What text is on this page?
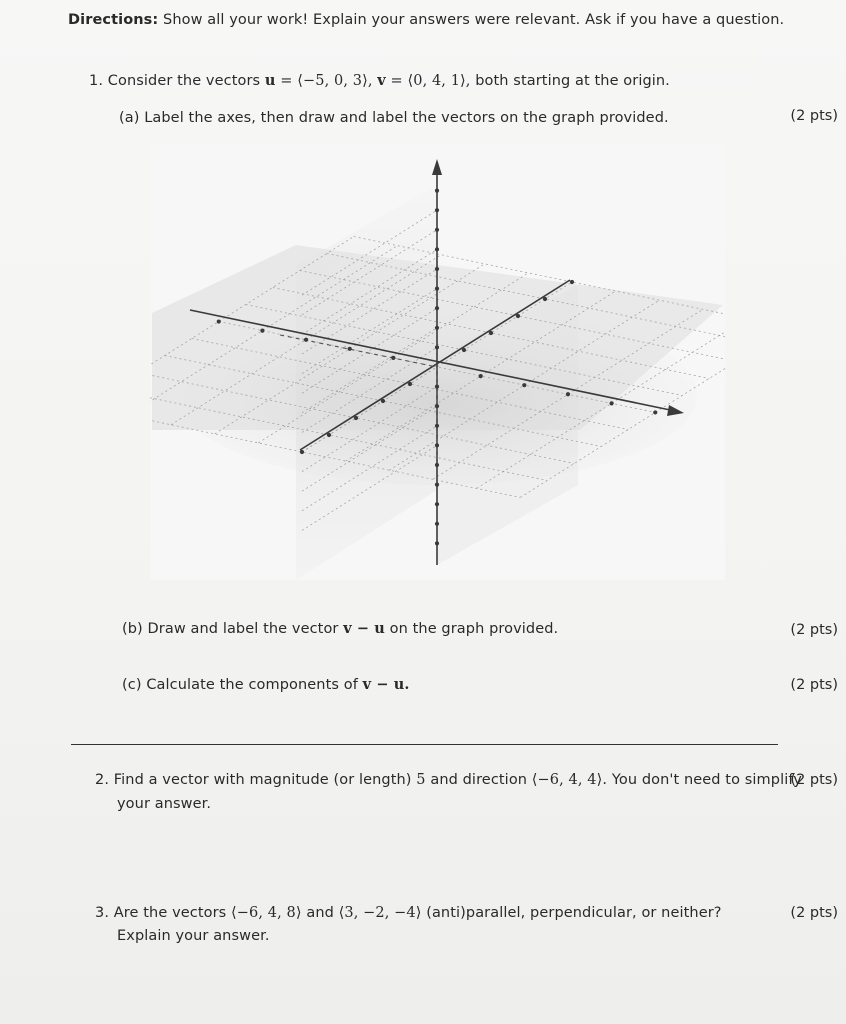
Directions: Show all your work! Explain your answers were relevant. Ask if you have a question.
1. Consider the vectors u = ⟨−5, 0, 3⟩, v = ⟨0, 4, 1⟩, both starting at the origin.
(a) Label the axes, then draw and label the vectors on the graph provided.	(2 pts)
(b) Draw and label the vector v − u on the graph provided.	(2 pts)
(c) Calculate the components of v − u.	(2 pts)
2. Find a vector with magnitude (or length) 5 and direction ⟨−6, 4, 4⟩. You don't need to simplify
your answer.
(2 pts)
3. Are the vectors ⟨−6, 4, 8⟩ and ⟨3, −2, −4⟩ (anti)parallel, perpendicular, or neither?
Explain your answer.
(2 pts)
